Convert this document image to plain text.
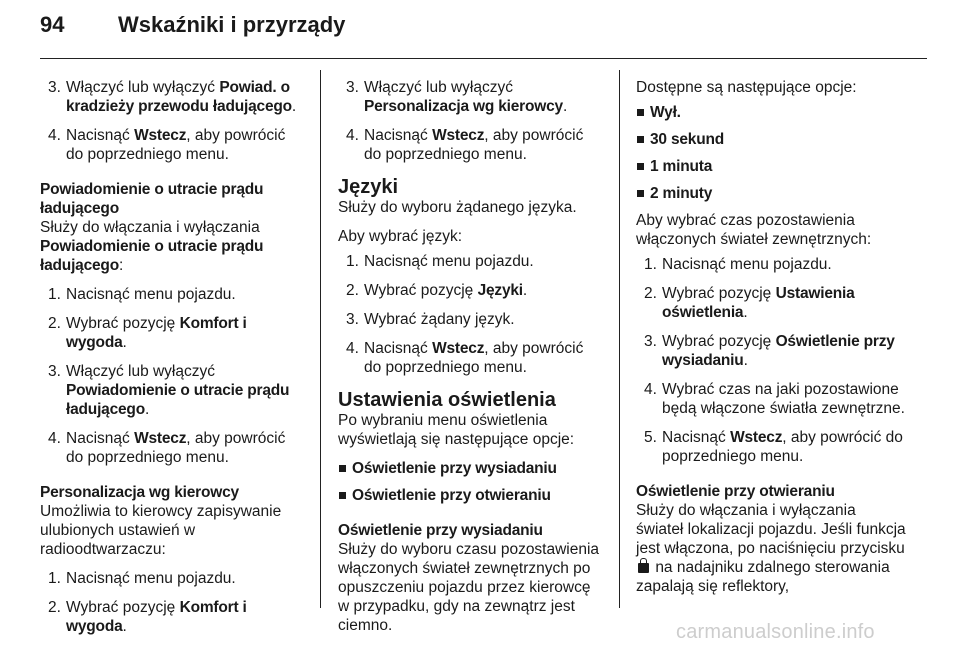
94 Wskaźniki i przyrządy
3. Włączyć lub wyłączyć Powiad. o kradzieży przewodu ładującego.
4. Nacisnąć Wstecz, aby powrócić do poprzedniego menu.
Powiadomienie o utracie prądu ładującego

Służy do włączania i wyłączania
Powiadomienie o utracie prądu ładującego:

1. Nacisnąć menu pojazdu.
2. Wybrać pozycję Komfort i wygoda.
3. Włączyć lub wyłączyć Powiadomienie o utracie prądu ładującego.
4. Nacisnąć Wstecz, aby powrócić do poprzedniego menu.
Personalizacja wg kierowcy

Umożliwia to kierowcy zapisywanie ulubionych ustawień w radioodtwarzaczu:

1. Nacisnąć menu pojazdu.
2. Wybrać pozycję Komfort i wygoda.
3. Włączyć lub wyłączyć Personalizacja wg kierowcy.
4. Nacisnąć Wstecz, aby powrócić do poprzedniego menu.
Języki

Służy do wyboru żądanego języka.

Aby wybrać język:

1. Nacisnąć menu pojazdu.
2. Wybrać pozycję Języki.
3. Wybrać żądany język.
4. Nacisnąć Wstecz, aby powrócić do poprzedniego menu.
Ustawienia oświetlenia

Po wybraniu menu oświetlenia wyświetlają się następujące opcje:

Oświetlenie przy wysiadaniu
Oświetlenie przy otwieraniu
Oświetlenie przy wysiadaniu

Służy do wyboru czasu pozostawienia włączonych świateł zewnętrznych po opuszczeniu pojazdu przez kierowcę w przypadku, gdy na zewnątrz jest ciemno.

Dostępne są następujące opcje:

Wył.
30 sekund
1 minuta
2 minuty

Aby wybrać czas pozostawienia włączonych świateł zewnętrznych:

1. Nacisnąć menu pojazdu.
2. Wybrać pozycję Ustawienia oświetlenia.
3. Wybrać pozycję Oświetlenie przy wysiadaniu.
4. Wybrać czas na jaki pozostawione będą włączone światła zewnętrzne.
5. Nacisnąć Wstecz, aby powrócić do poprzedniego menu.
Oświetlenie przy otwieraniu

Służy do włączania i wyłączania świateł lokalizacji pojazdu. Jeśli funkcja jest włączona, po naciśnięciu przycisku  na nadajniku zdalnego sterowania zapalają się reflektory,

carmanualsonline.info
